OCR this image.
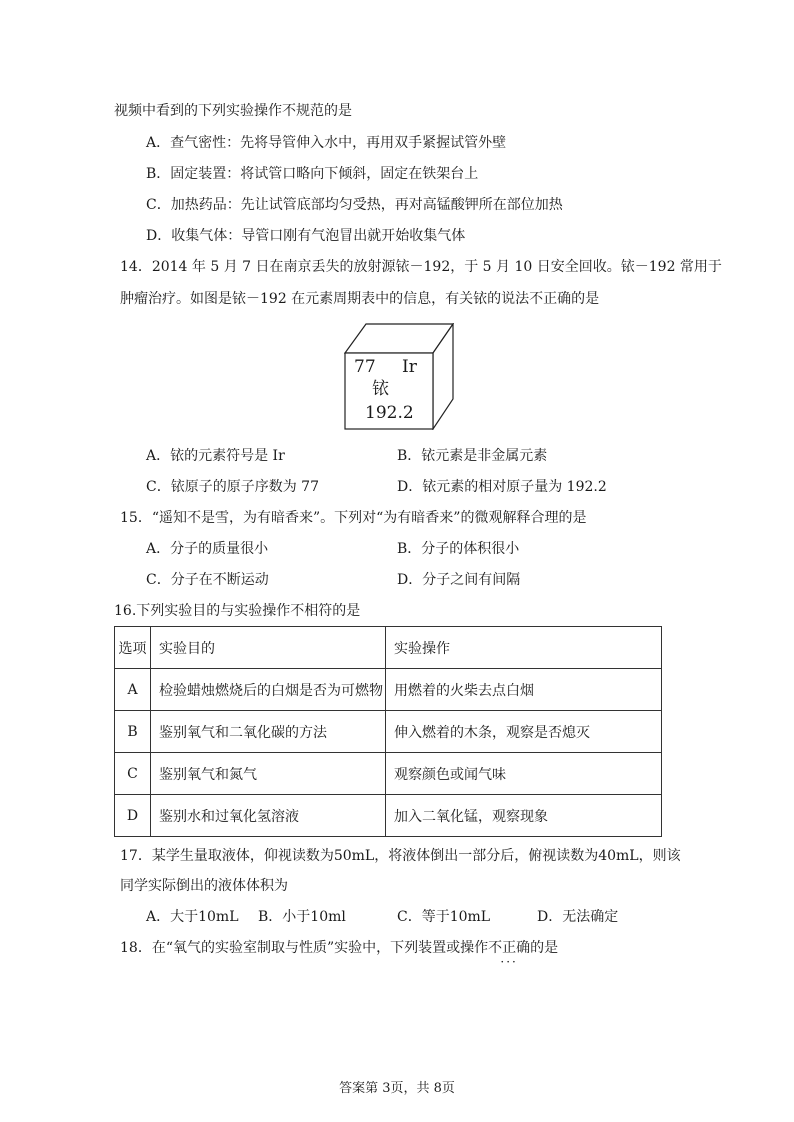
视频中看到的下列实验操作不规范的是
A．查气密性：先将导管伸入水中，再用双手紧握试管外壁
B．固定装置：将试管口略向下倾斜，固定在铁架台上
C．加热药品：先让试管底部均匀受热，再对高锰酸钾所在部位加热
D．收集气体：导管口刚有气泡冒出就开始收集气体
14．2014 年 5 月 7 日在南京丢失的放射源铱－192，于 5 月 10 日安全回收。铱－192 常用于
肿瘤治疗。如图是铱－192 在元素周期表中的信息，有关铱的说法不正确的是
77 Ir
铱
192.2
A．铱的元素符号是 Ir	B．铱元素是非金属元素
C．铱原子的原子序数为 77	D．铱元素的相对原子量为 192.2
15．“遥知不是雪，为有暗香来”。下列对“为有暗香来”的微观解释合理的是
A．分子的质量很小	B．分子的体积很小
C．分子在不断运动	D．分子之间有间隔
16.下列实验目的与实验操作不相符的是
选项	实验目的	实验操作
A	检验蜡烛燃烧后的白烟是否为可燃物	用燃着的火柴去点白烟
B	鉴别氧气和二氧化碳的方法	伸入燃着的木条，观察是否熄灭
C	鉴别氧气和氮气	观察颜色或闻气味
D	鉴别水和过氧化氢溶液	加入二氧化锰，观察现象
17．某学生量取液体，仰视读数为50mL，将液体倒出一部分后，俯视读数为40mL，则该
同学实际倒出的液体体积为
A．大于10mL B．小于10ml	C．等于10mL	D．无法确定
18．在“氧气的实验室制取与性质”实验中，下列装置或操作不正确 ···的是
答案第 3页，共 8页
